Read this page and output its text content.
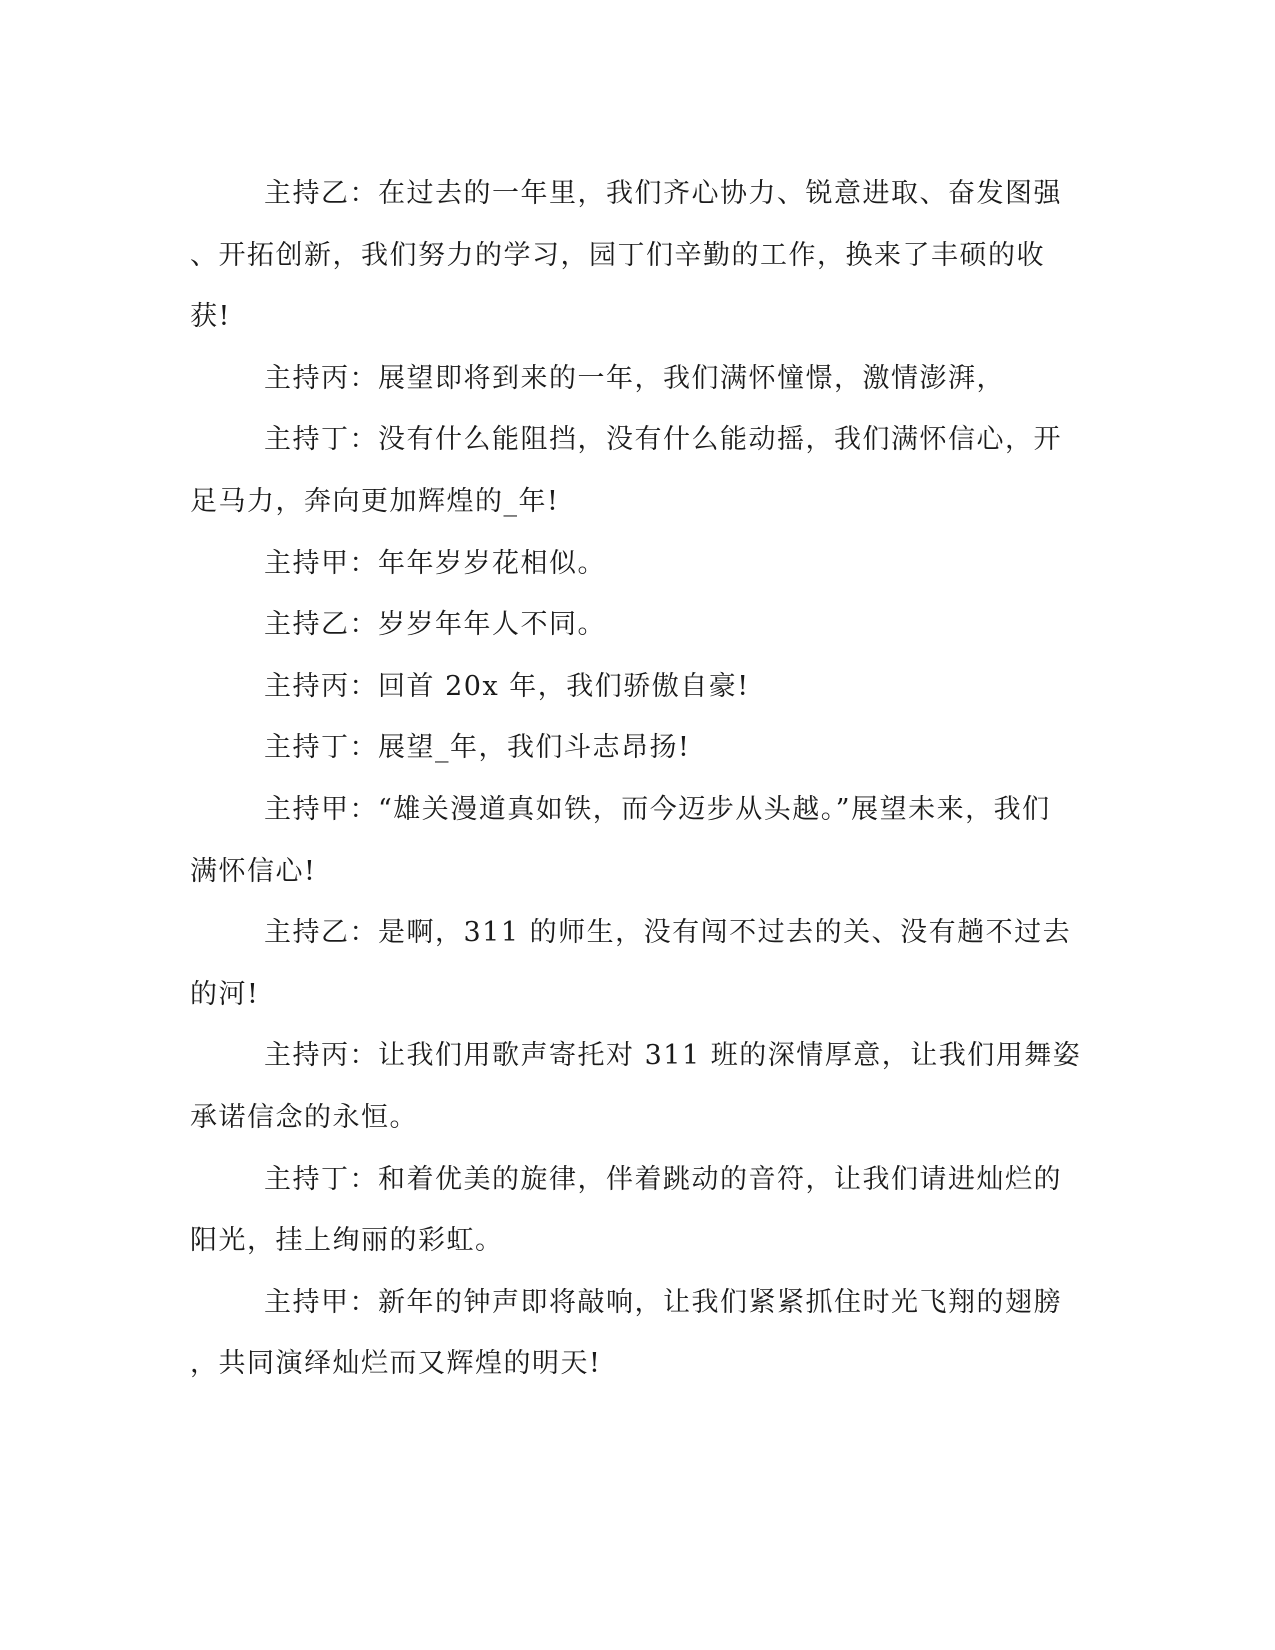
主持乙：在过去的一年里，我们齐心协力、锐意进取、奋发图强
、开拓创新，我们努力的学习，园丁们辛勤的工作，换来了丰硕的收
获!
主持丙：展望即将到来的一年，我们满怀憧憬，激情澎湃，
主持丁：没有什么能阻挡，没有什么能动摇，我们满怀信心，开
足马力，奔向更加辉煌的_年!
主持甲：年年岁岁花相似。
主持乙：岁岁年年人不同。
主持丙：回首 20x 年，我们骄傲自豪!
主持丁：展望_年，我们斗志昂扬!
主持甲：“雄关漫道真如铁，而今迈步从头越。”展望未来，我们
满怀信心!
主持乙：是啊，311 的师生，没有闯不过去的关、没有趟不过去
的河!
主持丙：让我们用歌声寄托对 311 班的深情厚意，让我们用舞姿
承诺信念的永恒。
主持丁：和着优美的旋律，伴着跳动的音符，让我们请进灿烂的
阳光，挂上绚丽的彩虹。
主持甲：新年的钟声即将敲响，让我们紧紧抓住时光飞翔的翅膀
，共同演绎灿烂而又辉煌的明天!
